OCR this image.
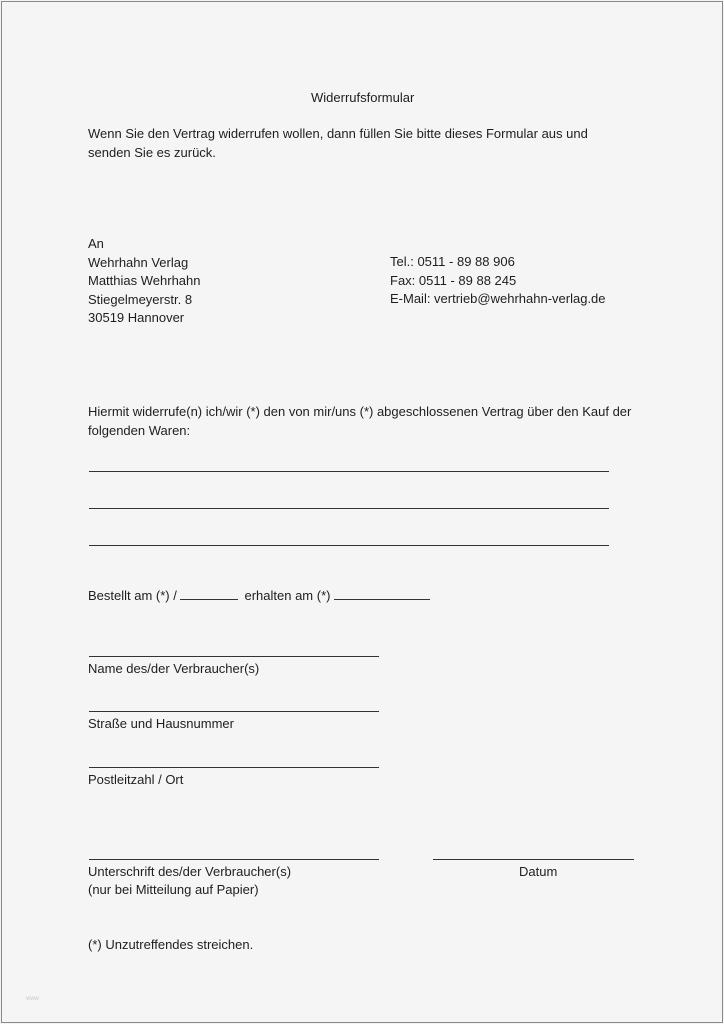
Widerrufsformular
Wenn Sie den Vertrag widerrufen wollen, dann füllen Sie bitte dieses Formular aus und senden Sie es zurück.
An
Wehrhahn Verlag
Matthias Wehrhahn
Stiegelmeyerstr. 8
30519 Hannover
Tel.: 0511 - 89 88 906
Fax: 0511 - 89 88 245
E-Mail: vertrieb@wehrhahn-verlag.de
Hiermit widerrufe(n) ich/wir (*) den von mir/uns (*) abgeschlossenen Vertrag über den Kauf der folgenden Waren:
Bestellt am (*) /	erhalten am (*)
Name des/der Verbraucher(s)
Straße und Hausnummer
Postleitzahl / Ort
Unterschrift des/der Verbraucher(s)
(nur bei Mitteilung auf Papier)
Datum
(*) Unzutreffendes streichen.
www
